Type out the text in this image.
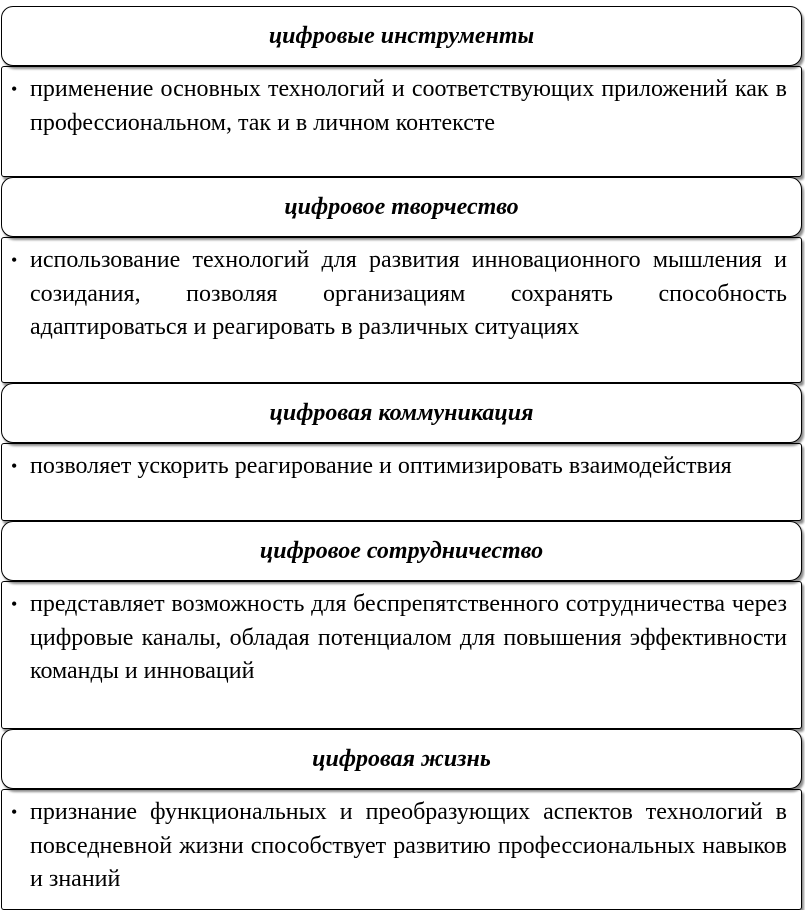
цифровые инструменты
• применение основных технологий и соответствующих приложений как в профессиональном, так и в личном контексте
цифровое творчество
• использование технологий для развития инновационного мышления и созидания, позволяя организациям сохранять способность адаптироваться и реагировать в различных ситуациях
цифровая коммуникация
• позволяет ускорить реагирование и оптимизировать взаимодействия
цифровое сотрудничество
• представляет возможность для беспрепятственного сотрудничества через цифровые каналы, обладая потенциалом для повышения эффективности команды и инноваций
цифровая жизнь
• признание функциональных и преобразующих аспектов технологий в повседневной жизни способствует развитию профессиональных навыков и знаний
